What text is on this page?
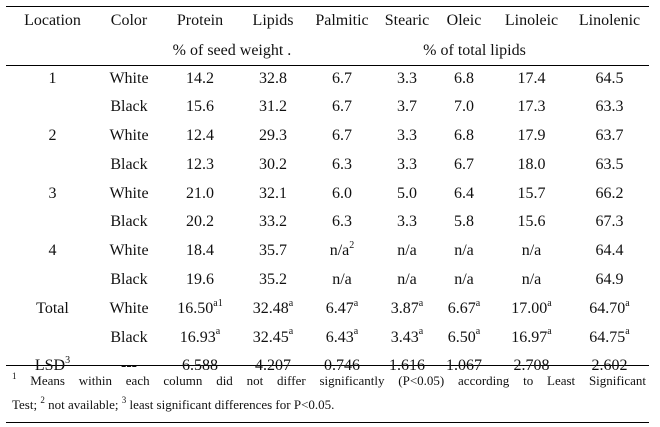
Location	Color	Protein	Lipids	Palmitic	Stearic	Oleic	Linoleic	Linolenic
		% of seed weight .			% of total lipids			
1	White	14.2	32.8	6.7	3.3	6.8	17.4	64.5
	Black	15.6	31.2	6.7	3.7	7.0	17.3	63.3
2	White	12.4	29.3	6.7	3.3	6.8	17.9	63.7
	Black	12.3	30.2	6.3	3.3	6.7	18.0	63.5
3	White	21.0	32.1	6.0	5.0	6.4	15.7	66.2
	Black	20.2	33.2	6.3	3.3	5.8	15.6	67.3
4	White	18.4	35.7	$n/a^2$	n/a	n/a	n/a	64.4
	Black	19.6	35.2	n/a	n/a	n/a	n/a	64.9
Total	White	$16.50^{a1}$	32.48$^a$	6.47$^a$	3.87$^a$	6.67$^a$	17.00$^a$	64.70$^a$
	Black	16.93$^a$	32.45$^a$	6.43$^a$	3.43$^a$	6.50$^a$	16.97$^a$	64.75$^a$
LSD$^3$	---	6.588	4.207	0.746	1.616	1.067	2.708	2.602
$^1$ Means within each column did not differ significantly (P<0.05) according to Least Significant
Test; $^2$ not available; $^3$ least significant differences for P<0.05.
